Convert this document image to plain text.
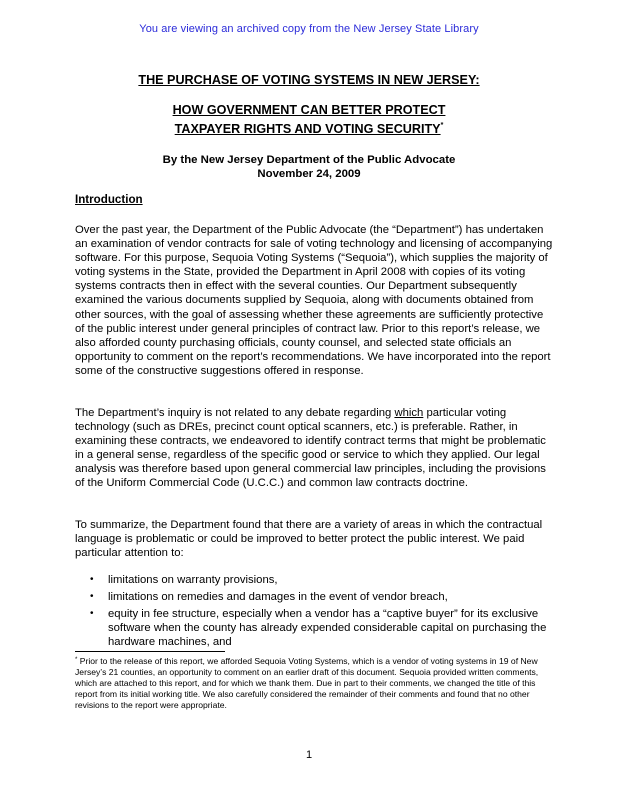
You are viewing an archived copy from the New Jersey State Library
THE PURCHASE OF VOTING SYSTEMS IN NEW JERSEY:
HOW GOVERNMENT CAN BETTER PROTECT
TAXPAYER RIGHTS AND VOTING SECURITY*
By the New Jersey Department of the Public Advocate
November 24, 2009
Introduction

Over the past year, the Department of the Public Advocate (the “Department”) has undertaken an examination of vendor contracts for sale of voting technology and licensing of accompanying software. For this purpose, Sequoia Voting Systems (“Sequoia”), which supplies the majority of voting systems in the State, provided the Department in April 2008 with copies of its voting systems contracts then in effect with the several counties. Our Department subsequently examined the various documents supplied by Sequoia, along with documents obtained from other sources, with the goal of assessing whether these agreements are sufficiently protective of the public interest under general principles of contract law. Prior to this report’s release, we also afforded county purchasing officials, county counsel, and selected state officials an opportunity to comment on the report’s recommendations. We have incorporated into the report some of the constructive suggestions offered in response.

The Department’s inquiry is not related to any debate regarding which particular voting technology (such as DREs, precinct count optical scanners, etc.) is preferable. Rather, in examining these contracts, we endeavored to identify contract terms that might be problematic in a general sense, regardless of the specific good or service to which they applied. Our legal analysis was therefore based upon general commercial law principles, including the provisions of the Uniform Commercial Code (U.C.C.) and common law contracts doctrine.

To summarize, the Department found that there are a variety of areas in which the contractual language is problematic or could be improved to better protect the public interest. We paid particular attention to:

• limitations on warranty provisions,
• limitations on remedies and damages in the event of vendor breach,
• equity in fee structure, especially when a vendor has a “captive buyer” for its exclusive software when the county has already expended considerable capital on purchasing the hardware machines, and

* Prior to the release of this report, we afforded Sequoia Voting Systems, which is a vendor of voting systems in 19 of New Jersey’s 21 counties, an opportunity to comment on an earlier draft of this document. Sequoia provided written comments, which are attached to this report, and for which we thank them. Due in part to their comments, we changed the title of this report from its initial working title. We also carefully considered the remainder of their comments and found that no other revisions to the report were appropriate.

1
